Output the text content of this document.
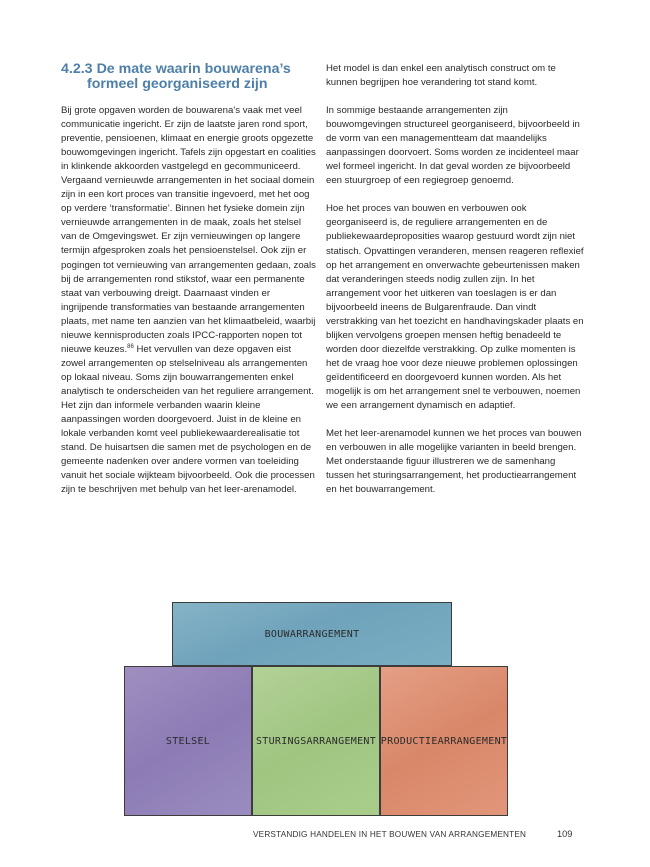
4.2.3 De mate waarin bouwarena’s
formeel georganiseerd zijn

Bij grote opgaven worden de bouwarena’s vaak met veel communicatie ingericht. Er zijn de laatste jaren rond sport, preventie, pensioenen, klimaat en energie groots opgezette bouwomgevingen ingericht. Tafels zijn opgestart en coalities in klinkende akkoorden vastgelegd en gecommuniceerd. Vergaand vernieuwde arrangementen in het sociaal domein zijn in een kort proces van transitie ingevoerd, met het oog op verdere ‘transformatie’. Binnen het fysieke domein zijn vernieuwde arrangementen in de maak, zoals het stelsel van de Omgevingswet. Er zijn vernieuwingen op langere termijn afgesproken zoals het pensioenstelsel. Ook zijn er pogingen tot vernieuwing van arrangementen gedaan, zoals bij de arrangementen rond stikstof, waar een permanente staat van verbouwing dreigt. Daarnaast vinden er ingrijpende transformaties van bestaande arrangementen plaats, met name ten aanzien van het klimaatbeleid, waarbij nieuwe kennisproducten zoals IPCC-rapporten nopen tot nieuwe keuzes.$^{86}$ Het vervullen van deze opgaven eist zowel arrangementen op stelselniveau als arrangementen op lokaal niveau. Soms zijn bouwarrangementen enkel analytisch te onderscheiden van het reguliere arrangement. Het zijn dan informele verbanden waarin kleine aanpassingen worden doorgevoerd. Juist in de kleine en lokale verbanden komt veel publiekewaarderealisatie tot stand. De huisartsen die samen met de psychologen en de gemeente nadenken over andere vormen van toeleiding vanuit het sociale wijkteam bijvoorbeeld. Ook die processen zijn te beschrijven met behulp van het leer-arenamodel.

Het model is dan enkel een analytisch construct om te kunnen begrijpen hoe verandering tot stand komt.

In sommige bestaande arrangementen zijn bouwomgevingen structureel georganiseerd, bijvoorbeeld in de vorm van een managementteam dat maandelijks aanpassingen doorvoert. Soms worden ze incidenteel maar wel formeel ingericht. In dat geval worden ze bijvoorbeeld een stuurgroep of een regiegroep genoemd.

Hoe het proces van bouwen en verbouwen ook georganiseerd is, de reguliere arrangementen en de publiekewaardeproposities waarop gestuurd wordt zijn niet statisch. Opvattingen veranderen, mensen reageren reflexief op het arrangement en onverwachte gebeurtenissen maken dat veranderingen steeds nodig zullen zijn. In het arrangement voor het uitkeren van toeslagen is er dan bijvoorbeeld ineens de Bulgarenfraude. Dan vindt verstrakking van het toezicht en handhavingskader plaats en blijken vervolgens groepen mensen heftig benadeeld te worden door diezelfde verstrakking. Op zulke momenten is het de vraag hoe voor deze nieuwe problemen oplossingen geïdentificeerd en doorgevoerd kunnen worden. Als het mogelijk is om het arrangement snel te verbouwen, noemen we een arrangement dynamisch en adaptief.

Met het leer-arenamodel kunnen we het proces van bouwen en verbouwen in alle mogelijke varianten in beeld brengen. Met onderstaande figuur illustreren we de samenhang tussen het sturingsarrangement, het productiearrangement en het bouwarrangement.

BOUWARRANGEMENT
STELSEL	STURINGSARRANGEMENT PRODUCTIEARRANGEMENT
VERSTANDIG HANDELEN IN HET BOUWEN VAN ARRANGEMENTEN	109
